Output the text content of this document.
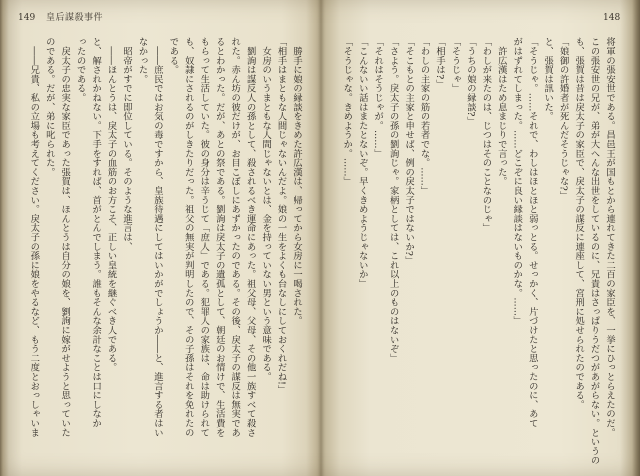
149 皇后謀殺事件

　勝手に娘の縁談をきめた許広漢は、帰ってから女房に一喝された。

「相手はまともな人間じゃないんだよ。娘の一生をよくも台なしにしておくれだね!」

　女房のいうまともな人間じゃないとは、金を持っていない男という意味である。

　劉詢は謀反人の孫として、殺されるべき運命にあった。祖父母、父母、その他一族すべて殺さ

れた。赤ん坊の彼だけが、お目こぼしにあずかったのである。その後、戾太子の謀反は無実であ

るとわかった。だが、あとの祭である。劉詢は戾太子の遺孤として、朝廷のお情けで、生活費を

もらって生活していた。彼の身分は辛うじて「庶人」である。犯罪人の家族は、命は助けられて

も、奴隷にされるのがしきたりだった。祖父の無実が判明したので、その子孫はそれを免れたの

である。

　――庶民ではお気の毒ですから、皇族待遇にしてはいかがでしょうか――と、進言する者はい

なかった。

　昭帝がすでに即位している。そのような進言は、

　――ほんとうは、戾太子の血筋のお方こそ、正しい皇統を継ぐべき人である。

と、解されかねない。下手をすれば、首がとんでしまう。誰もそんな余計なことは口にしなか

ったのである。

　戾太子の忠実な家臣であった張賀は、ほんとうは自分の娘を、劉詢に嫁がせようと思っていた

のである。だが、弟に叱られた。

　――兄貴、私の立場も考えてください。戾太子の孫に娘をやるなど、もう二度とおっしゃいま

148

将軍の張安世である。昌邑王が国もとから連れてきた二百の家臣を、一挙にひっとらえたのだ。

この張安世の兄が、弟が大へんな出世をしているのに、兄貴はさっぱりうだつがあがらない。というの

も、張賀は昔は戾太子の家臣で、戾太子の謀反に連座して、宮刑に処せられたのである。

「娘御の許婚者が死んだそうじゃな?」

と、張賀は訊いた。

「そうじゃ。……それで、わしはほとほと弱っとる。せっかく、片づけたと思ったのに、あて

がはずれてしまった。……どこぞに良い縁談はないものかな。……」

　許広漢はため息まじりで言った。

「わしが来たのは、じつはそのことなのじゃ」

「うちの娘の縁談?」

「そうじゃ」

「相手は?」

「わしの主家の筋の若者でな。……」

「そこもとの主家と申せば、例の戾太子ではないか?」

「さよう。戾太子の孫の劉詢じゃ。家柄としては、これ以上のものはないぞ」

「それはそうじゃが。……」

「こんないい話はまたとないぞ。早くきめようじゃないか」

「そうじゃな。きめようか。……」
